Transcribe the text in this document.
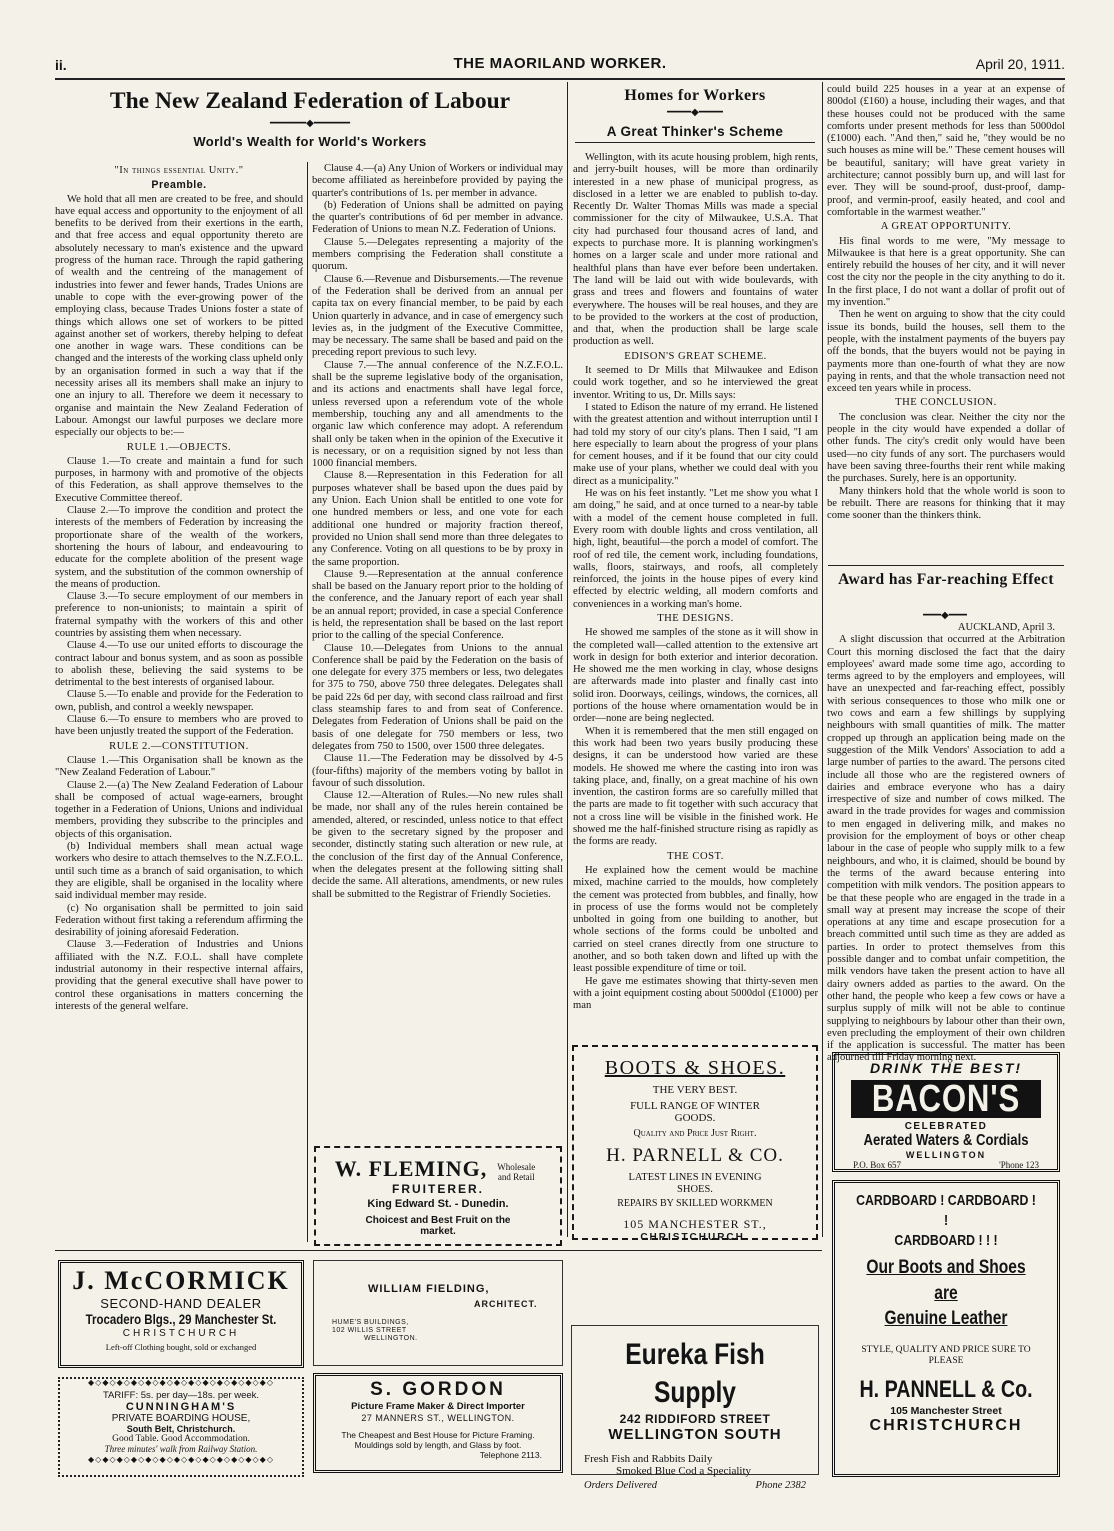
ii.	THE MAORILAND WORKER.	April 20, 1911.
The New Zealand Federation of Labour
━━━━━━◆━━━━━━
World's Wealth for World's Workers

"In things essential Unity."

Preamble.

We hold that all men are created to be free, and should have equal access and opportunity to the enjoyment of all benefits to be derived from their exertions in the earth, and that free access and equal opportunity thereto are absolutely necessary to man's existence and the upward progress of the human race. Through the rapid gathering of wealth and the centreing of the management of industries into fewer and fewer hands, Trades Unions are unable to cope with the ever-growing power of the employing class, because Trades Unions foster a state of things which allows one set of workers to be pitted against another set of workers, thereby helping to defeat one another in wage wars. These conditions can be changed and the interests of the working class upheld only by an organisation formed in such a way that if the necessity arises all its members shall make an injury to one an injury to all. Therefore we deem it necessary to organise and maintain the New Zealand Federation of Labour. Amongst our lawful purposes we declare more especially our objects to be:—

RULE 1.—OBJECTS.

Clause 1.—To create and maintain a fund for such purposes, in harmony with and promotive of the objects of this Federation, as shall approve themselves to the Executive Committee thereof.

Clause 2.—To improve the condition and protect the interests of the members of Federation by increasing the proportionate share of the wealth of the workers, shortening the hours of labour, and endeavouring to educate for the complete abolition of the present wage system, and the substitution of the common ownership of the means of production.

Clause 3.—To secure employment of our members in preference to non-unionists; to maintain a spirit of fraternal sympathy with the workers of this and other countries by assisting them when necessary.

Clause 4.—To use our united efforts to discourage the contract labour and bonus system, and as soon as possible to abolish these, believing the said systems to be detrimental to the best interests of organised labour.

Clause 5.—To enable and provide for the Federation to own, publish, and control a weekly newspaper.

Clause 6.—To ensure to members who are proved to have been unjustly treated the support of the Federation.

RULE 2.—CONSTITUTION.

Clause 1.—This Organisation shall be known as the "New Zealand Federation of Labour."

Clause 2.—(a) The New Zealand Federation of Labour shall be composed of actual wage-earners, brought together in a Federation of Unions, Unions and individual members, providing they subscribe to the principles and objects of this organisation.

(b) Individual members shall mean actual wage workers who desire to attach themselves to the N.Z.F.O.L. until such time as a branch of said organisation, to which they are eligible, shall be organised in the locality where said individual member may reside.

(c) No organisation shall be permitted to join said Federation without first taking a referendum affirming the desirability of joining aforesaid Federation.

Clause 3.—Federation of Industries and Unions affiliated with the N.Z. F.O.L. shall have complete industrial autonomy in their respective internal affairs, providing that the general executive shall have power to control these organisations in matters concerning the interests of the general welfare.

Clause 4.—(a) Any Union of Workers or individual may become affiliated as hereinbefore provided by paying the quarter's contributions of 1s. per member in advance.

(b) Federation of Unions shall be admitted on paying the quarter's contributions of 6d per member in advance. Federation of Unions to mean N.Z. Federation of Unions.

Clause 5.—Delegates representing a majority of the members comprising the Federation shall constitute a quorum.

Clause 6.—Revenue and Disbursements.—The revenue of the Federation shall be derived from an annual per capita tax on every financial member, to be paid by each Union quarterly in advance, and in case of emergency such levies as, in the judgment of the Executive Committee, may be necessary. The same shall be based and paid on the preceding report previous to such levy.

Clause 7.—The annual conference of the N.Z.F.O.L. shall be the supreme legislative body of the organisation, and its actions and enactments shall have legal force, unless reversed upon a referendum vote of the whole membership, touching any and all amendments to the organic law which conference may adopt. A referendum shall only be taken when in the opinion of the Executive it is necessary, or on a requisition signed by not less than 1000 financial members.

Clause 8.—Representation in this Federation for all purposes whatever shall be based upon the dues paid by any Union. Each Union shall be entitled to one vote for one hundred members or less, and one vote for each additional one hundred or majority fraction thereof, provided no Union shall send more than three delegates to any Conference. Voting on all questions to be by proxy in the same proportion.

Clause 9.—Representation at the annual conference shall be based on the January report prior to the holding of the conference, and the January report of each year shall be an annual report; provided, in case a special Conference is held, the representation shall be based on the last report prior to the calling of the special Conference.

Clause 10.—Delegates from Unions to the annual Conference shall be paid by the Federation on the basis of one delegate for every 375 members or less, two delegates for 375 to 750, above 750 three delegates. Delegates shall be paid 22s 6d per day, with second class railroad and first class steamship fares to and from seat of Conference. Delegates from Federation of Unions shall be paid on the basis of one delegate for 750 members or less, two delegates from 750 to 1500, over 1500 three delegates.

Clause 11.—The Federation may be dissolved by 4-5 (four-fifths) majority of the members voting by ballot in favour of such dissolution.

Clause 12.—Alteration of Rules.—No new rules shall be made, nor shall any of the rules herein contained be amended, altered, or rescinded, unless notice to that effect be given to the secretary signed by the proposer and seconder, distinctly stating such alteration or new rule, at the conclusion of the first day of the Annual Conference, when the delegates present at the following sitting shall decide the same. All alterations, amendments, or new rules shall be submitted to the Registrar of Friendly Societies.

W. FLEMING, Wholesale and Retail
FRUITERER.
King Edward St. - Dunedin.
Choicest and Best Fruit on the market.
Homes for Workers
━━━━◆━━━━
A Great Thinker's Scheme

Wellington, with its acute housing problem, high rents, and jerry-built houses, will be more than ordinarily interested in a new phase of municipal progress, as disclosed in a letter we are enabled to publish to-day. Recently Dr. Walter Thomas Mills was made a special commissioner for the city of Milwaukee, U.S.A. That city had purchased four thousand acres of land, and expects to purchase more. It is planning workingmen's homes on a larger scale and under more rational and healthful plans than have ever before been undertaken. The land will be laid out with wide boulevards, with grass and trees and flowers and fountains of water everywhere. The houses will be real houses, and they are to be provided to the workers at the cost of production, and that, when the production shall be large scale production as well.

EDISON'S GREAT SCHEME.

It seemed to Dr Mills that Milwaukee and Edison could work together, and so he interviewed the great inventor. Writing to us, Dr. Mills says:

I stated to Edison the nature of my errand. He listened with the greatest attention and without interruption until I had told my story of our city's plans. Then I said, "I am here especially to learn about the progress of your plans for cement houses, and if it be found that our city could make use of your plans, whether we could deal with you direct as a municipality."

He was on his feet instantly. "Let me show you what I am doing," he said, and at once turned to a near-by table with a model of the cement house completed in full. Every room with double lights and cross ventilation, all high, light, beautiful—the porch a model of comfort. The roof of red tile, the cement work, including foundations, walls, floors, stairways, and roofs, all completely reinforced, the joints in the house pipes of every kind effected by electric welding, all modern comforts and conveniences in a working man's home.

THE DESIGNS.

He showed me samples of the stone as it will show in the completed wall—called attention to the extensive art work in design for both exterior and interior decoration. He showed me the men working in clay, whose designs are afterwards made into plaster and finally cast into solid iron. Doorways, ceilings, windows, the cornices, all portions of the house where ornamentation would be in order—none are being neglected.

When it is remembered that the men still engaged on this work had been two years busily producing these designs, it can be understood how varied are these models. He showed me where the casting into iron was taking place, and, finally, on a great machine of his own invention, the castiron forms are so carefully milled that the parts are made to fit together with such accuracy that not a cross line will be visible in the finished work. He showed me the half-finished structure rising as rapidly as the forms are ready.

THE COST.

He explained how the cement would be machine mixed, machine carried to the moulds, how completely the cement was protected from bubbles, and finally, how in process of use the forms would not be completely unbolted in going from one building to another, but whole sections of the forms could be unbolted and carried on steel cranes directly from one structure to another, and so both taken down and lifted up with the least possible expenditure of time or toil.

He gave me estimates showing that thirty-seven men with a joint equipment costing about 5000dol (£1000) per man

BOOTS & SHOES.
THE VERY BEST.
FULL RANGE OF WINTER GOODS.
Quality and Price Just Right.
H. PARNELL & CO.
LATEST LINES IN EVENING SHOES.
REPAIRS BY SKILLED WORKMEN
105 MANCHESTER ST.,
CHRISTCHURCH.

could build 225 houses in a year at an expense of 800dol (£160) a house, including their wages, and that these houses could not be produced with the same comforts under present methods for less than 5000dol (£1000) each. "And then," said he, "they would be no such houses as mine will be." These cement houses will be beautiful, sanitary; will have great variety in architecture; cannot possibly burn up, and will last for ever. They will be sound-proof, dust-proof, damp-proof, and vermin-proof, easily heated, and cool and comfortable in the warmest weather."

A GREAT OPPORTUNITY.

His final words to me were, "My message to Milwaukee is that here is a great opportunity. She can entirely rebuild the houses of her city, and it will never cost the city nor the people in the city anything to do it. In the first place, I do not want a dollar of profit out of my invention."

Then he went on arguing to show that the city could issue its bonds, build the houses, sell them to the people, with the instalment payments of the buyers pay off the bonds, that the buyers would not be paying in payments more than one-fourth of what they are now paying in rents, and that the whole transaction need not exceed ten years while in process.

THE CONCLUSION.

The conclusion was clear. Neither the city nor the people in the city would have expended a dollar of other funds. The city's credit only would have been used—no city funds of any sort. The purchasers would have been saving three-fourths their rent while making the purchases. Surely, here is an opportunity.

Many thinkers hold that the whole world is soon to be rebuilt. There are reasons for thinking that it may come sooner than the thinkers think.

Award has Far-reaching Effect
━━━◆━━━

AUCKLAND, April 3.

A slight discussion that occurred at the Arbitration Court this morning disclosed the fact that the dairy employees' award made some time ago, according to terms agreed to by the employers and employees, will have an unexpected and far-reaching effect, possibly with serious consequences to those who milk one or two cows and earn a few shillings by supplying neighbours with small quantities of milk. The matter cropped up through an application being made on the suggestion of the Milk Vendors' Association to add a large number of parties to the award. The persons cited include all those who are the registered owners of dairies and embrace everyone who has a dairy irrespective of size and number of cows milked. The award in the trade provides for wages and commission to men engaged in delivering milk, and makes no provision for the employment of boys or other cheap labour in the case of people who supply milk to a few neighbours, and who, it is claimed, should be bound by the terms of the award because entering into competition with milk vendors. The position appears to be that these people who are engaged in the trade in a small way at present may increase the scope of their operations at any time and escape prosecution for a breach committed until such time as they are added as parties. In order to protect themselves from this possible danger and to combat unfair competition, the milk vendors have taken the present action to have all dairy owners added as parties to the award. On the other hand, the people who keep a few cows or have a surplus supply of milk will not be able to continue supplying to neighbours by labour other than their own, even precluding the employment of their own children if the application is successful. The matter has been adjourned till Friday morning next.

DRINK THE BEST!
BACON'S
CELEBRATED
Aerated Waters & Cordials
WELLINGTON
P.O. Box 657	'Phone 123
J. McCORMICK
SECOND-HAND DEALER
Trocadero Blgs., 29 Manchester St.
CHRISTCHURCH
Left-off Clothing bought, sold or exchanged
◆◇◆◇◆◇◆◇◆◇◆◇◆◇◆◇◆◇◆◇◆◇◆◇◆◇
TARIFF: 5s. per day—18s. per week.
CUNNINGHAM'S
PRIVATE BOARDING HOUSE,
South Belt, Christchurch.
Good Table. Good Accommodation.
Three minutes' walk from Railway Station.
◆◇◆◇◆◇◆◇◆◇◆◇◆◇◆◇◆◇◆◇◆◇◆◇◆◇
WILLIAM FIELDING,
ARCHITECT.
HUME'S BUILDINGS,
102 WILLIS STREET
WELLINGTON.
S. GORDON
Picture Frame Maker & Direct Importer
27 MANNERS ST., WELLINGTON.
The Cheapest and Best House for Picture Framing. Mouldings sold by length, and Glass by foot.
Telephone 2113.
Eureka Fish Supply
242 RIDDIFORD STREET
WELLINGTON SOUTH
Fresh Fish and Rabbits Daily
Smoked Blue Cod a Speciality
Orders Delivered	Phone 2382
CARDBOARD ! CARDBOARD ! !
CARDBOARD ! ! !
Our Boots and Shoes are
Genuine Leather
STYLE, QUALITY AND PRICE SURE TO PLEASE
H. PANNELL & Co.
105 Manchester Street
CHRISTCHURCH
